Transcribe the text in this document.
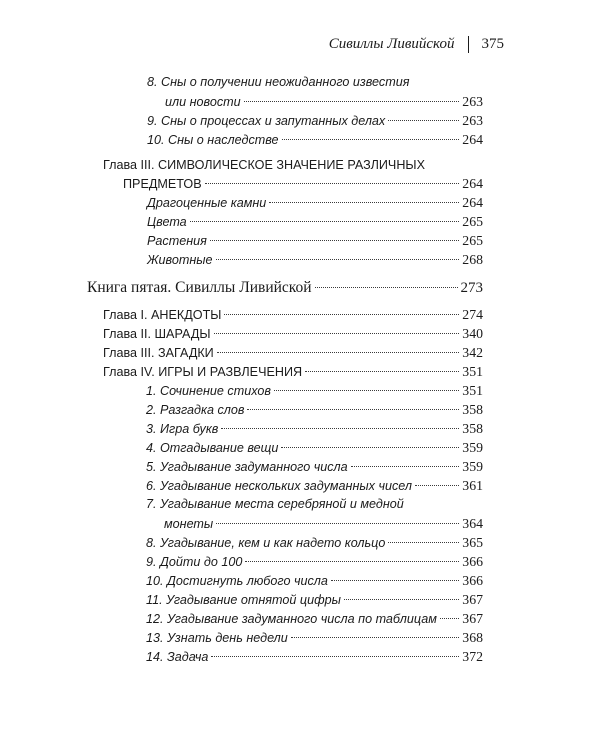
Сивиллы Ливийской 375
8. Сны о получении неожиданного известия
или новости	263
9. Сны о процессах и запутанных делах	263
10. Сны о наследстве	264
Глава III. СИМВОЛИЧЕСКОЕ ЗНАЧЕНИЕ РАЗЛИЧНЫХ
ПРЕДМЕТОВ	264
Драгоценные камни	264
Цвета	265
Растения	265
Животные	268
Книга пятая. Сивиллы Ливийской	273
Глава I. АНЕКДОТЫ	274
Глава II. ШАРАДЫ	340
Глава III. ЗАГАДКИ	342
Глава IV. ИГРЫ И РАЗВЛЕЧЕНИЯ	351
1. Сочинение стихов	351
2. Разгадка слов	358
3. Игра букв	358
4. Отгадывание вещи	359
5. Угадывание задуманного числа	359
6. Угадывание нескольких задуманных чисел	361
7. Угадывание места серебряной и медной
монеты	364
8. Угадывание, кем и как надето кольцо	365
9. Дойти до 100	366
10. Достигнуть любого числа	366
11. Угадывание отнятой цифры	367
12. Угадывание задуманного числа по таблицам 367
13. Узнать день недели	368
14. Задача	372
